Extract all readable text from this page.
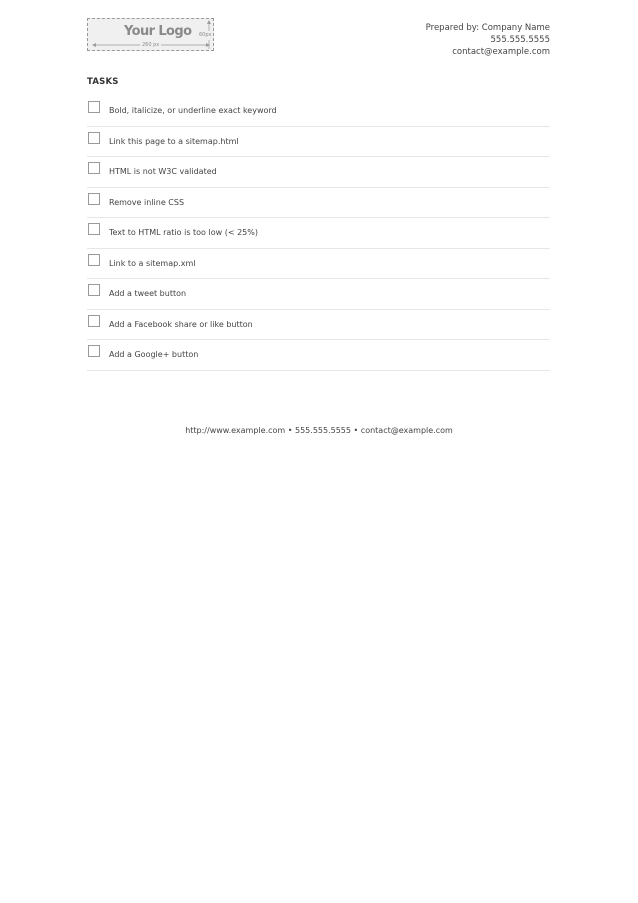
Your Logo
260 px
60px
Prepared by: Company Name
555.555.5555
contact@example.com
TASKS
Bold, italicize, or underline exact keyword
Link this page to a sitemap.html
HTML is not W3C validated
Remove inline CSS
Text to HTML ratio is too low (< 25%)
Link to a sitemap.xml
Add a tweet button
Add a Facebook share or like button
Add a Google+ button
http://www.example.com • 555.555.5555 • contact@example.com
